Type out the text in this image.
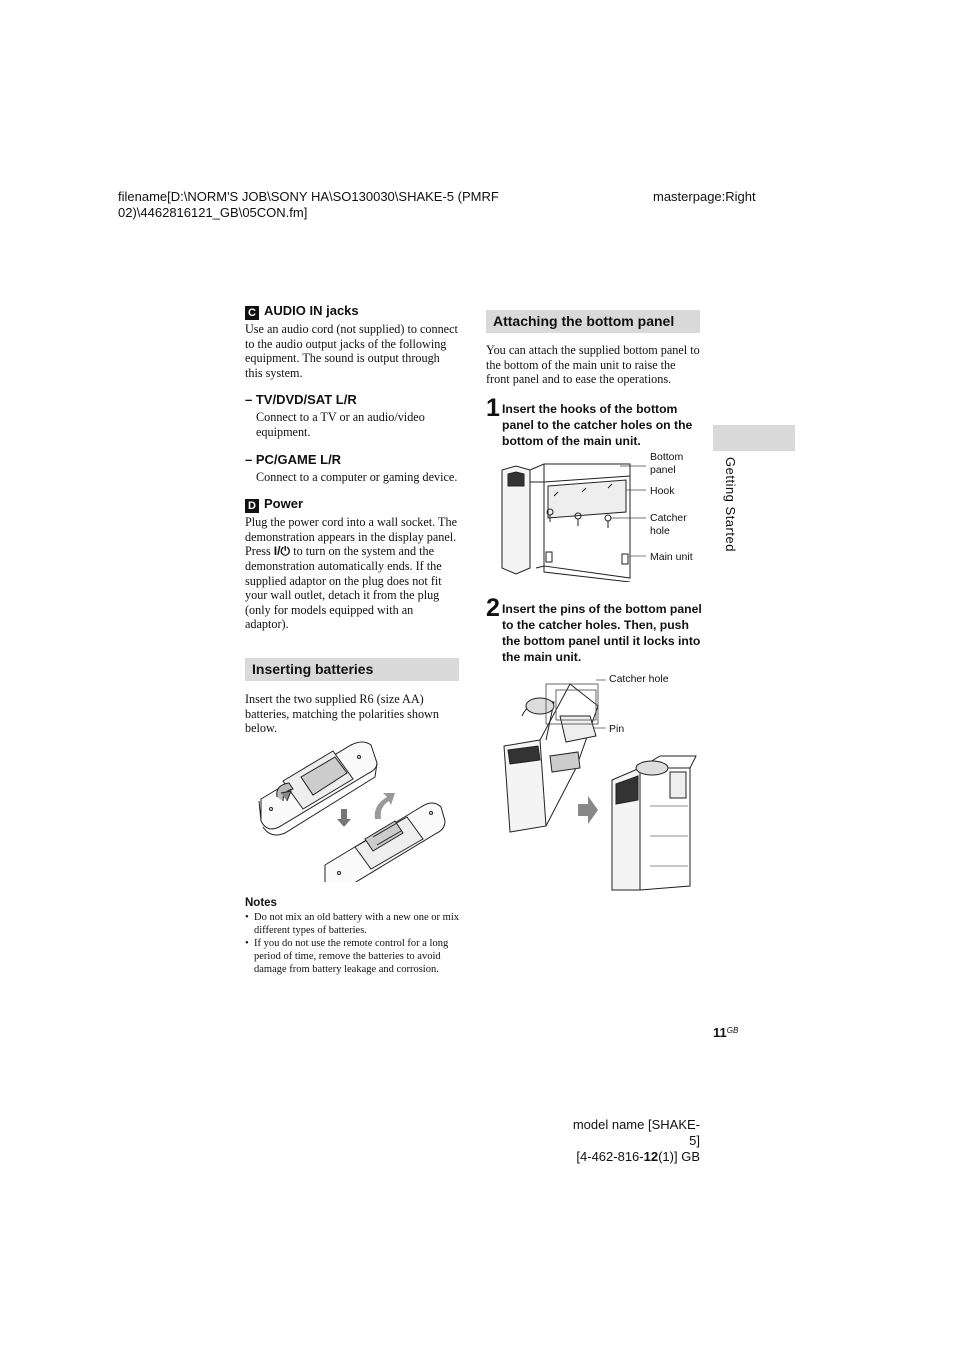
filename[D:\NORM'S JOB\SONY HA\SO130030\SHAKE-5 (PMRF
02)\4462816121_GB\05CON.fm]
masterpage:Right
C AUDIO IN jacks
Use an audio cord (not supplied) to connect to the audio output jacks of the following equipment. The sound is output through this system.
– TV/DVD/SAT L/R
Connect to a TV or an audio/video equipment.
– PC/GAME L/R
Connect to a computer or gaming device.
D Power
Plug the power cord into a wall socket. The demonstration appears in the display panel. Press I/⏻ to turn on the system and the demonstration automatically ends. If the supplied adaptor on the plug does not fit your wall outlet, detach it from the plug (only for models equipped with an adaptor).
Inserting batteries
Insert the two supplied R6 (size AA) batteries, matching the polarities shown below.
Notes
• Do not mix an old battery with a new one or mix different types of batteries.
• If you do not use the remote control for a long period of time, remove the batteries to avoid damage from battery leakage and corrosion.
Attaching the bottom panel
You can attach the supplied bottom panel to the bottom of the main unit to raise the front panel and to ease the operations.
1 Insert the hooks of the bottom panel to the catcher holes on the bottom of the main unit.
Bottom
panel
Hook
Catcher
hole
Main unit
2 Insert the pins of the bottom panel to the catcher holes. Then, push the bottom panel until it locks into the main unit.
Catcher hole
Pin
Getting Started
$11^{GB}$
model name [SHAKE-5]
[4-462-816-12(1)] GB
